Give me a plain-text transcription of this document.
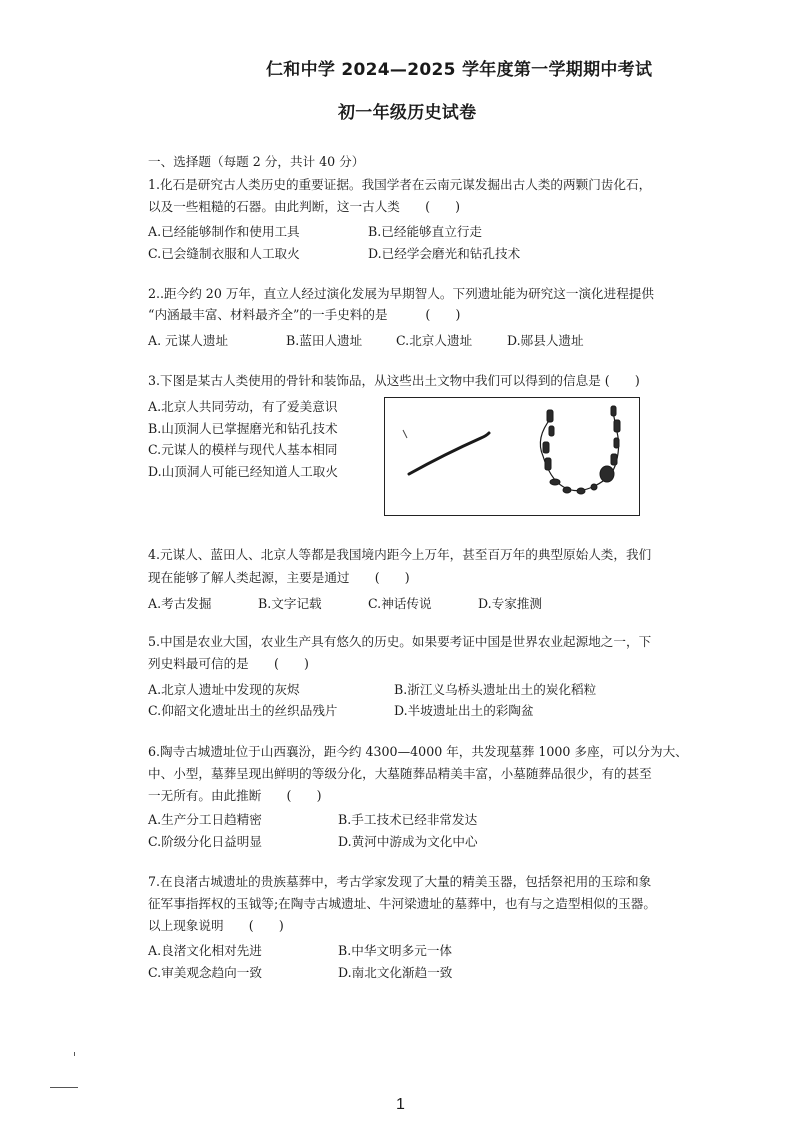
仁和中学 2024—2025 学年度第一学期期中考试
初一年级历史试卷
一、选择题（每题 2 分，共计 40 分）
1.化石是研究古人类历史的重要证据。我国学者在云南元谋发掘出古人类的两颗门齿化石，
以及一些粗糙的石器。由此判断，这一古人类　　(　　)
A.已经能够制作和使用工具	B.已经能够直立行走
C.已会缝制衣服和人工取火	D.已经学会磨光和钻孔技术
2..距今约 20 万年，直立人经过演化发展为早期智人。下列遗址能为研究这一演化进程提供
“内涵最丰富、材料最齐全”的一手史料的是　　　(　　)
A. 元谋人遗址	B.蓝田人遗址	C.北京人遗址	D.郧县人遗址
3.下图是某古人类使用的骨针和装饰品，从这些出土文物中我们可以得到的信息是 (　　)
A.北京人共同劳动，有了爱美意识
B.山顶洞人已掌握磨光和钻孔技术
C.元谋人的模样与现代人基本相同
D.山顶洞人可能已经知道人工取火
4.元谋人、蓝田人、北京人等都是我国境内距今上万年，甚至百万年的典型原始人类，我们
现在能够了解人类起源，主要是通过　　(　　)
A.考古发掘	B.文字记载	C.神话传说	D.专家推测
5.中国是农业大国，农业生产具有悠久的历史。如果要考证中国是世界农业起源地之一，下
列史料最可信的是　　(　　)
A.北京人遗址中发现的灰烬	B.浙江义乌桥头遗址出土的炭化稻粒
C.仰韶文化遗址出土的丝织品残片	D.半坡遗址出土的彩陶盆
6.陶寺古城遗址位于山西襄汾，距今约 4300—4000 年，共发现墓葬 1000 多座，可以分为大、
中、小型，墓葬呈现出鲜明的等级分化，大墓随葬品精美丰富，小墓随葬品很少，有的甚至
一无所有。由此推断　　(　　)
A.生产分工日趋精密	B.手工技术已经非常发达
C.阶级分化日益明显	D.黄河中游成为文化中心
7.在良渚古城遗址的贵族墓葬中，考古学家发现了大量的精美玉器，包括祭祀用的玉琮和象
征军事指挥权的玉钺等;在陶寺古城遗址、牛河梁遗址的墓葬中，也有与之造型相似的玉器。
以上现象说明　　(　　)
A.良渚文化相对先进	B.中华文明多元一体
C.审美观念趋向一致	D.南北文化渐趋一致
1
